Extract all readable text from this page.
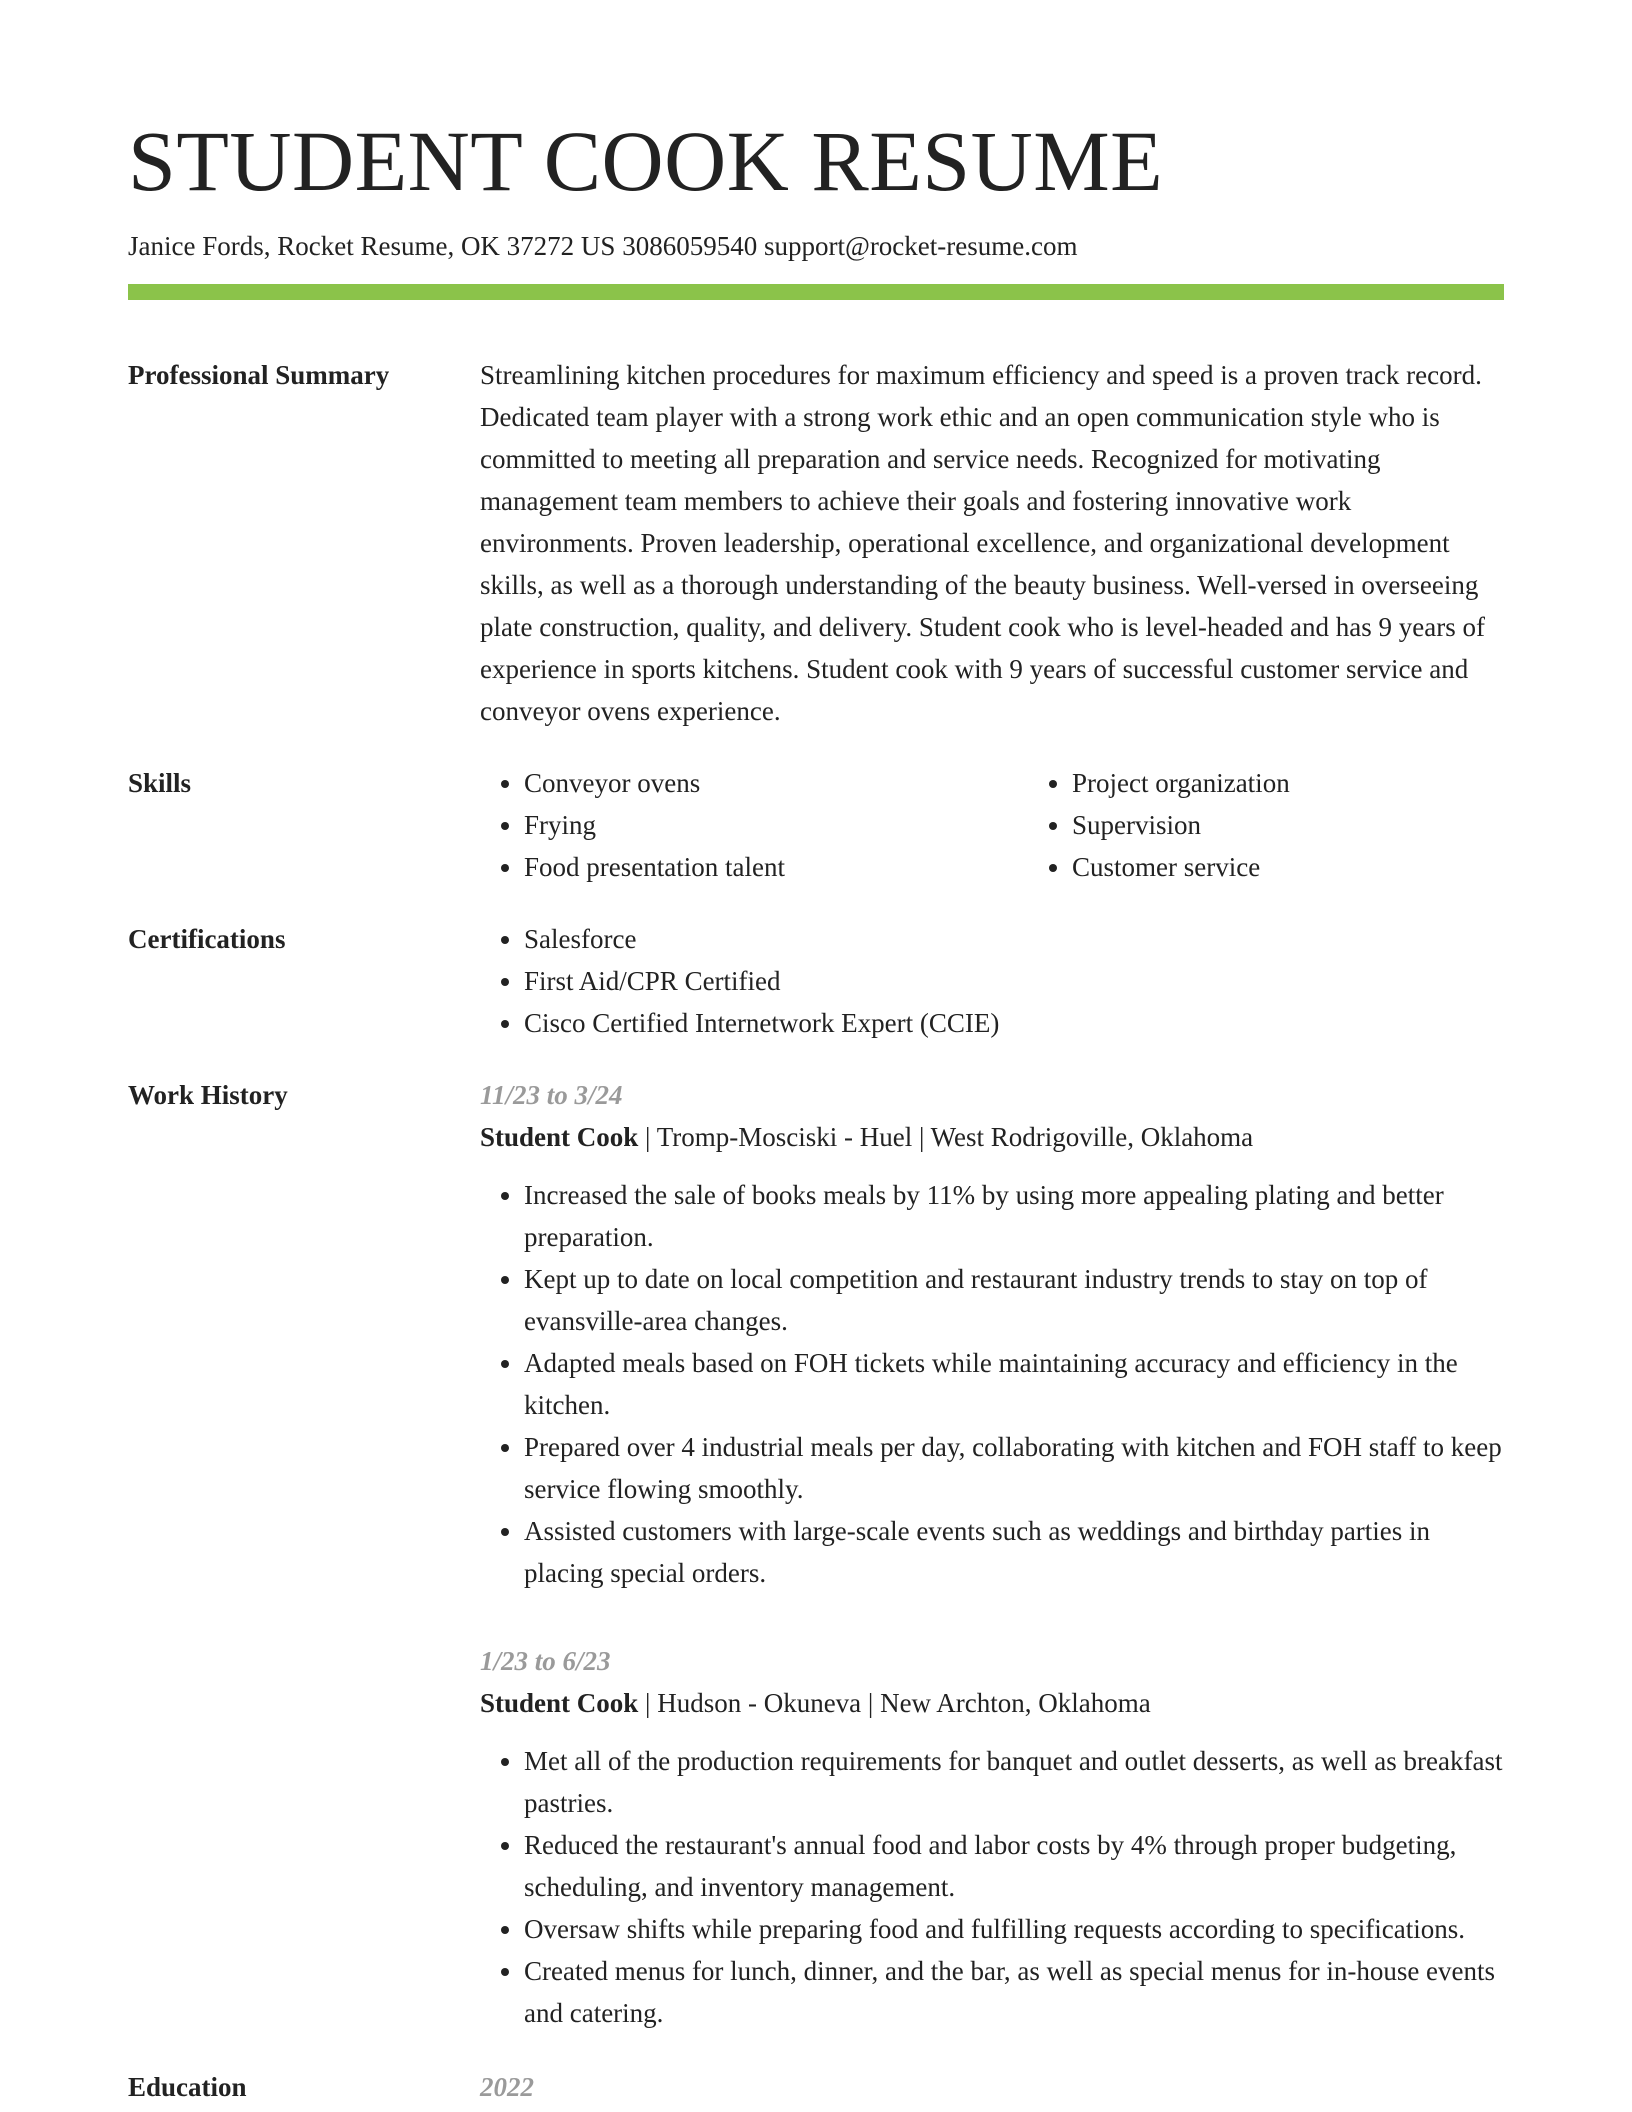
STUDENT COOK RESUME
Janice Fords, Rocket Resume, OK 37272 US 3086059540 support@rocket-resume.com
Professional Summary	Streamlining kitchen procedures for maximum efficiency and speed is a proven track record. Dedicated team player with a strong work ethic and an open communication style who is committed to meeting all preparation and service needs. Recognized for motivating management team members to achieve their goals and fostering innovative work environments. Proven leadership, operational excellence, and organizational development skills, as well as a thorough understanding of the beauty business. Well-versed in overseeing plate construction, quality, and delivery. Student cook who is level-headed and has 9 years of experience in sports kitchens. Student cook with 9 years of successful customer service and conveyor ovens experience.

Skills	• Conveyor ovens
• Frying
• Food presentation talent
• Project organization
• Supervision
• Customer service
Certifications	• Salesforce
• First Aid/CPR Certified
• Cisco Certified Internetwork Expert (CCIE)
Work History	11/23 to 3/24
Student Cook | Tromp-Mosciski - Huel | West Rodrigoville, Oklahoma
• Increased the sale of books meals by 11% by using more appealing plating and better preparation.
• Kept up to date on local competition and restaurant industry trends to stay on top of evansville-area changes.
• Adapted meals based on FOH tickets while maintaining accuracy and efficiency in the kitchen.
• Prepared over 4 industrial meals per day, collaborating with kitchen and FOH staff to keep service flowing smoothly.
• Assisted customers with large-scale events such as weddings and birthday parties in placing special orders.
1/23 to 6/23
Student Cook | Hudson - Okuneva | New Archton, Oklahoma
• Met all of the production requirements for banquet and outlet desserts, as well as breakfast pastries.
• Reduced the restaurant's annual food and labor costs by 4% through proper budgeting, scheduling, and inventory management.
• Oversaw shifts while preparing food and fulfilling requests according to specifications.
• Created menus for lunch, dinner, and the bar, as well as special menus for in-house events and catering.
Education	2022
